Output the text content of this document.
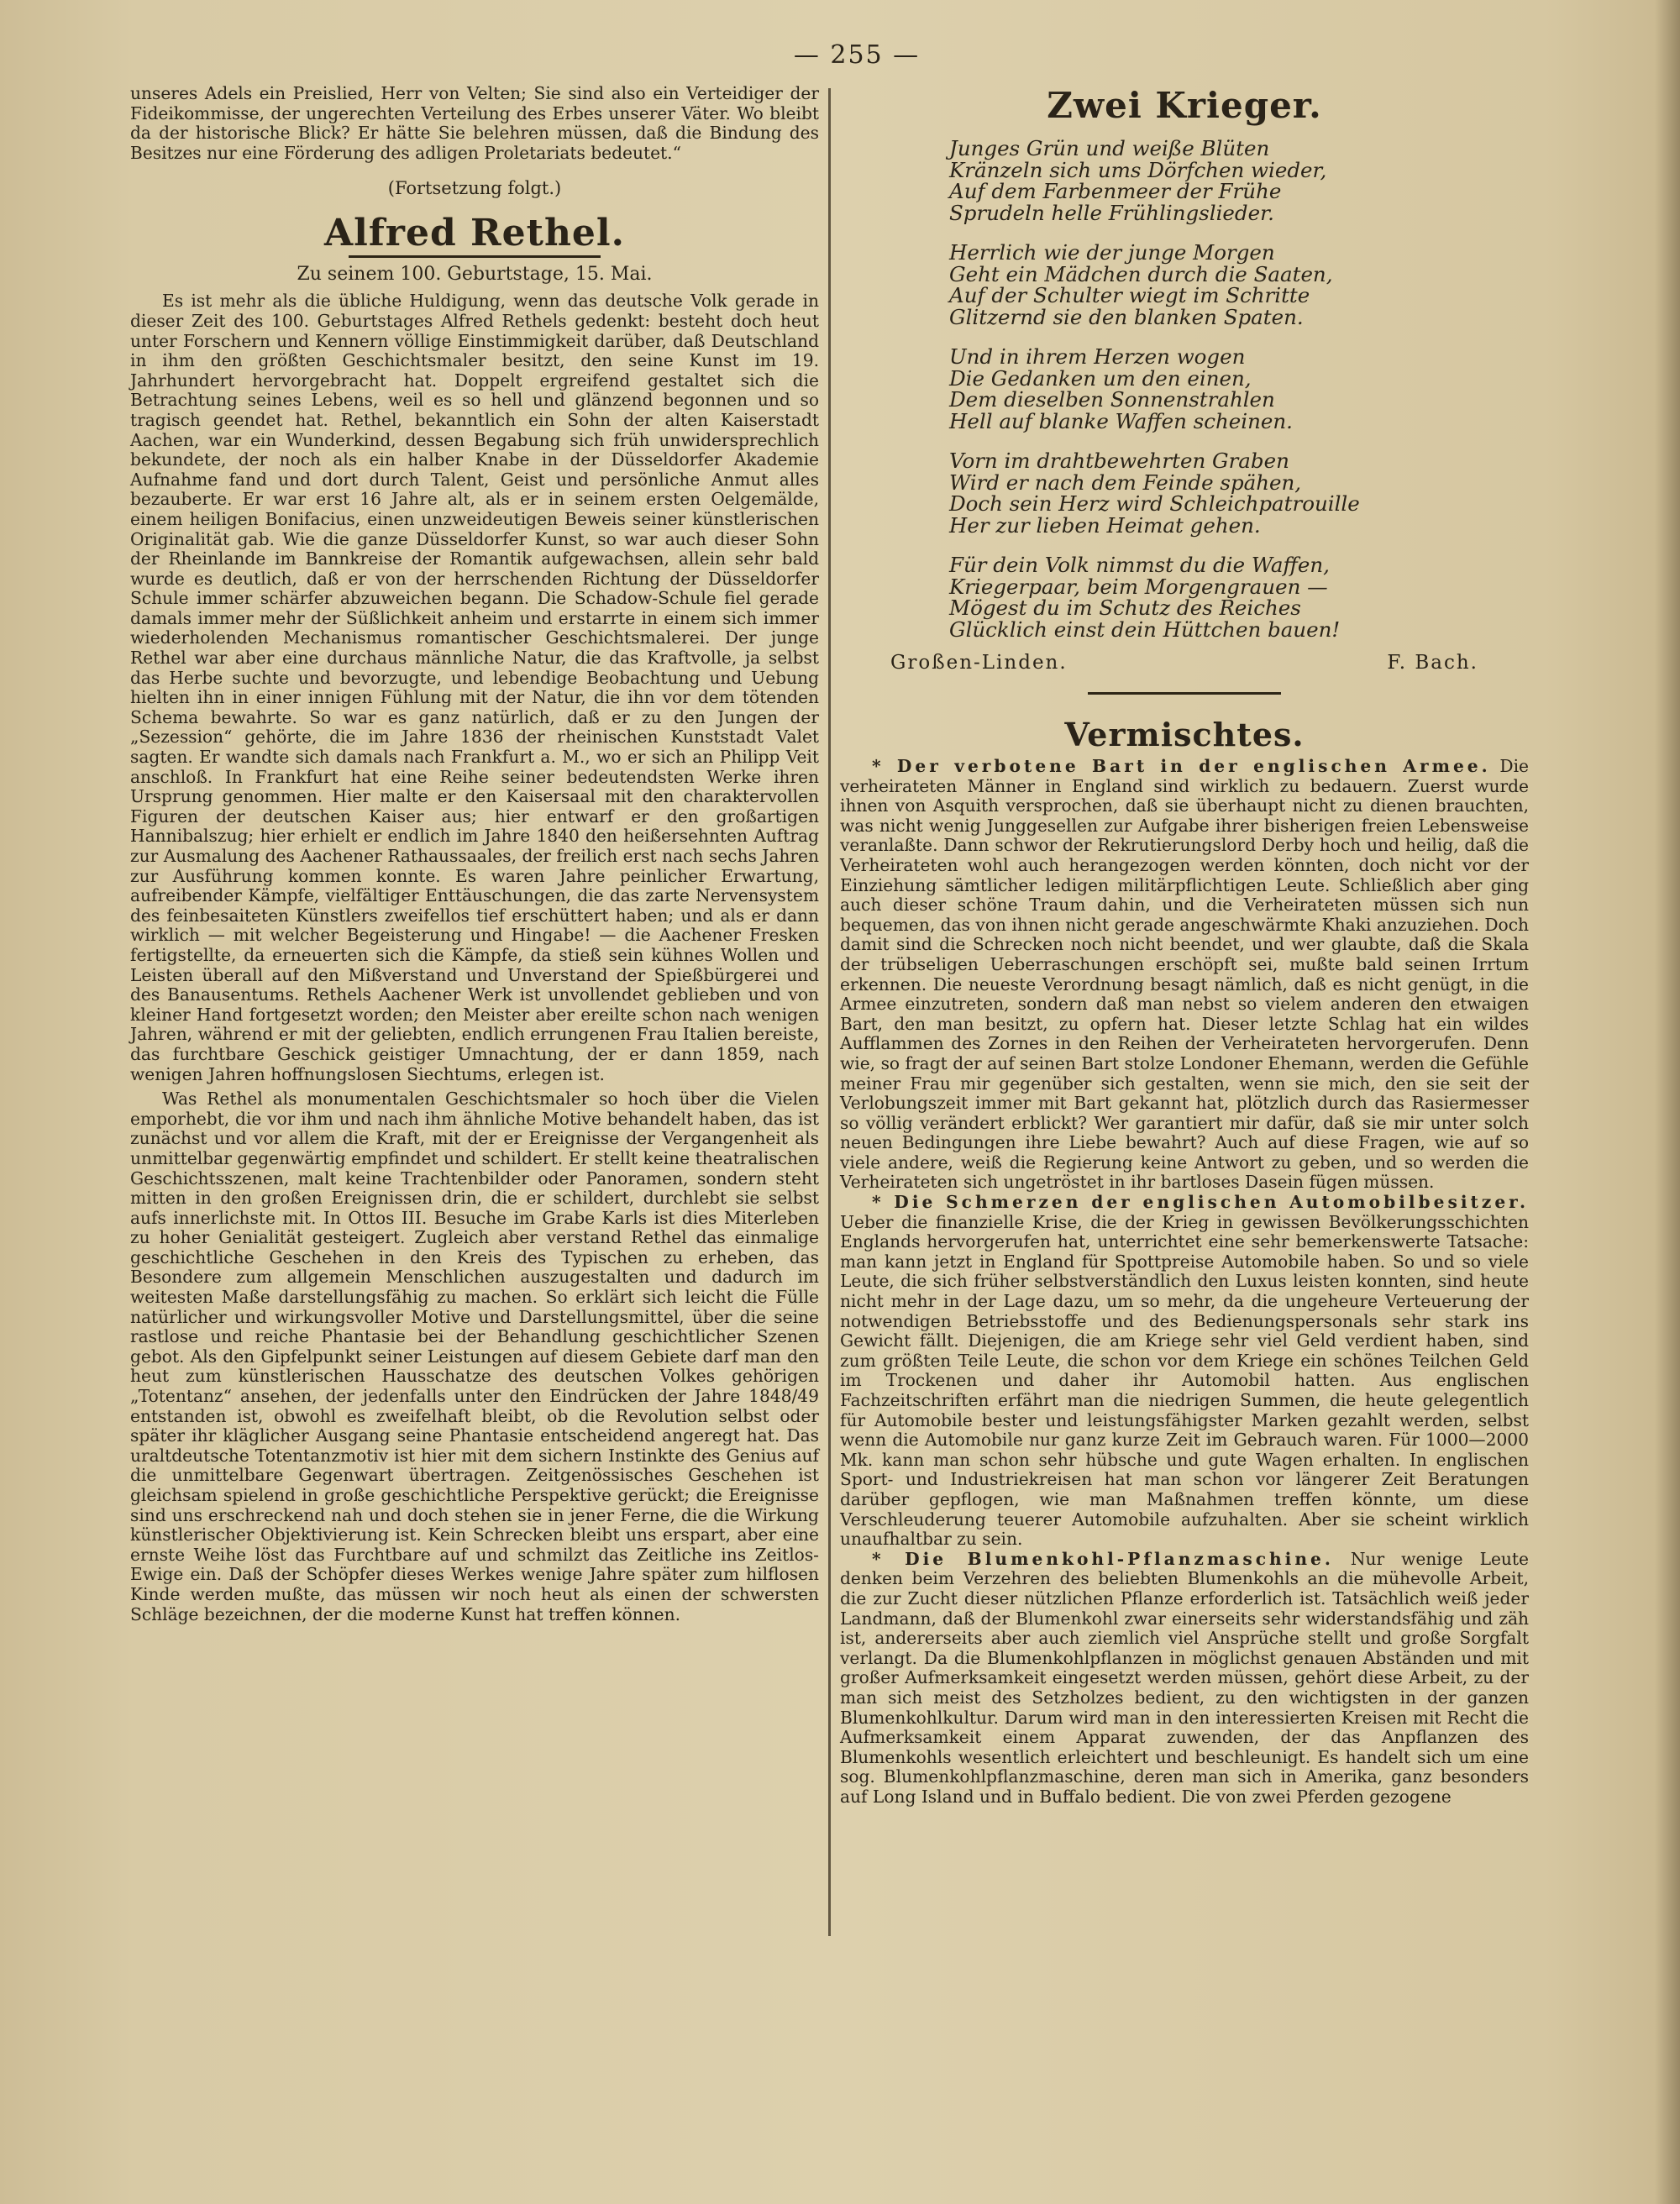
— 255 —

unseres Adels ein Preislied, Herr von Velten; Sie sind also ein Verteidiger der Fideikommisse, der ungerechten Verteilung des Erbes unserer Väter. Wo bleibt da der historische Blick? Er hätte Sie belehren müssen, daß die Bindung des Besitzes nur eine Förderung des adligen Proletariats bedeutet.“

(Fortsetzung folgt.)

Alfred Rethel.
Zu seinem 100. Geburtstage, 15. Mai.

Es ist mehr als die übliche Huldigung, wenn das deutsche Volk gerade in dieser Zeit des 100. Geburtstages Alfred Rethels gedenkt: besteht doch heut unter Forschern und Kennern völlige Einstimmigkeit darüber, daß Deutschland in ihm den größten Geschichtsmaler besitzt, den seine Kunst im 19. Jahrhundert hervorgebracht hat. Doppelt ergreifend gestaltet sich die Betrachtung seines Lebens, weil es so hell und glänzend begonnen und so tragisch geendet hat. Rethel, bekanntlich ein Sohn der alten Kaiserstadt Aachen, war ein Wunderkind, dessen Begabung sich früh unwidersprechlich bekundete, der noch als ein halber Knabe in der Düsseldorfer Akademie Aufnahme fand und dort durch Talent, Geist und persönliche Anmut alles bezauberte. Er war erst 16 Jahre alt, als er in seinem ersten Oelgemälde, einem heiligen Bonifacius, einen unzweideutigen Beweis seiner künstlerischen Originalität gab. Wie die ganze Düsseldorfer Kunst, so war auch dieser Sohn der Rheinlande im Bannkreise der Romantik aufgewachsen, allein sehr bald wurde es deutlich, daß er von der herrschenden Richtung der Düsseldorfer Schule immer schärfer abzuweichen begann. Die Schadow-Schule fiel gerade damals immer mehr der Süßlichkeit anheim und erstarrte in einem sich immer wiederholenden Mechanismus romantischer Geschichtsmalerei. Der junge Rethel war aber eine durchaus männliche Natur, die das Kraftvolle, ja selbst das Herbe suchte und bevorzugte, und lebendige Beobachtung und Uebung hielten ihn in einer innigen Fühlung mit der Natur, die ihn vor dem tötenden Schema bewahrte. So war es ganz natürlich, daß er zu den Jungen der „Sezession“ gehörte, die im Jahre 1836 der rheinischen Kunststadt Valet sagten. Er wandte sich damals nach Frankfurt a. M., wo er sich an Philipp Veit anschloß. In Frankfurt hat eine Reihe seiner bedeutendsten Werke ihren Ursprung genommen. Hier malte er den Kaisersaal mit den charaktervollen Figuren der deutschen Kaiser aus; hier entwarf er den großartigen Hannibalszug; hier erhielt er endlich im Jahre 1840 den heißersehnten Auftrag zur Ausmalung des Aachener Rathaussaales, der freilich erst nach sechs Jahren zur Ausführung kommen konnte. Es waren Jahre peinlicher Erwartung, aufreibender Kämpfe, vielfältiger Enttäuschungen, die das zarte Nervensystem des feinbesaiteten Künstlers zweifellos tief erschüttert haben; und als er dann wirklich — mit welcher Begeisterung und Hingabe! — die Aachener Fresken fertigstellte, da erneuerten sich die Kämpfe, da stieß sein kühnes Wollen und Leisten überall auf den Mißverstand und Unverstand der Spießbürgerei und des Banausentums. Rethels Aachener Werk ist unvollendet geblieben und von kleiner Hand fortgesetzt worden; den Meister aber ereilte schon nach wenigen Jahren, während er mit der geliebten, endlich errungenen Frau Italien bereiste, das furchtbare Geschick geistiger Umnachtung, der er dann 1859, nach wenigen Jahren hoffnungslosen Siechtums, erlegen ist.

Was Rethel als monumentalen Geschichtsmaler so hoch über die Vielen emporhebt, die vor ihm und nach ihm ähnliche Motive behandelt haben, das ist zunächst und vor allem die Kraft, mit der er Ereignisse der Vergangenheit als unmittelbar gegenwärtig empfindet und schildert. Er stellt keine theatralischen Geschichtsszenen, malt keine Trachtenbilder oder Panoramen, sondern steht mitten in den großen Ereignissen drin, die er schildert, durchlebt sie selbst aufs innerlichste mit. In Ottos III. Besuche im Grabe Karls ist dies Miterleben zu hoher Genialität gesteigert. Zugleich aber verstand Rethel das einmalige geschichtliche Geschehen in den Kreis des Typischen zu erheben, das Besondere zum allgemein Menschlichen auszugestalten und dadurch im weitesten Maße darstellungsfähig zu machen. So erklärt sich leicht die Fülle natürlicher und wirkungsvoller Motive und Darstellungsmittel, über die seine rastlose und reiche Phantasie bei der Behandlung geschichtlicher Szenen gebot. Als den Gipfelpunkt seiner Leistungen auf diesem Gebiete darf man den heut zum künstlerischen Hausschatze des deutschen Volkes gehörigen „Totentanz“ ansehen, der jedenfalls unter den Eindrücken der Jahre 1848/49 entstanden ist, obwohl es zweifelhaft bleibt, ob die Revolution selbst oder später ihr kläglicher Ausgang seine Phantasie entscheidend angeregt hat. Das uraltdeutsche Totentanzmotiv ist hier mit dem sichern Instinkte des Genius auf die unmittelbare Gegenwart übertragen. Zeitgenössisches Geschehen ist gleichsam spielend in große geschichtliche Perspektive gerückt; die Ereignisse sind uns erschreckend nah und doch stehen sie in jener Ferne, die die Wirkung künstlerischer Objektivierung ist. Kein Schrecken bleibt uns erspart, aber eine ernste Weihe löst das Furchtbare auf und schmilzt das Zeitliche ins Zeitlos-Ewige ein. Daß der Schöpfer dieses Werkes wenige Jahre später zum hilflosen Kinde werden mußte, das müssen wir noch heut als einen der schwersten Schläge bezeichnen, der die moderne Kunst hat treffen können.

Zwei Krieger.
Junges Grün und weiße Blüten
Kränzeln sich ums Dörfchen wieder,
Auf dem Farbenmeer der Frühe
Sprudeln helle Frühlingslieder.
Herrlich wie der junge Morgen
Geht ein Mädchen durch die Saaten,
Auf der Schulter wiegt im Schritte
Glitzernd sie den blanken Spaten.
Und in ihrem Herzen wogen
Die Gedanken um den einen,
Dem dieselben Sonnenstrahlen
Hell auf blanke Waffen scheinen.
Vorn im drahtbewehrten Graben
Wird er nach dem Feinde spähen,
Doch sein Herz wird Schleichpatrouille
Her zur lieben Heimat gehen.
Für dein Volk nimmst du die Waffen,
Kriegerpaar, beim Morgengrauen —
Mögest du im Schutz des Reiches
Glücklich einst dein Hüttchen bauen!
Großen-Linden.	F. Bach.
Vermischtes.

* Der verbotene Bart in der englischen Armee. Die verheirateten Männer in England sind wirklich zu bedauern. Zuerst wurde ihnen von Asquith versprochen, daß sie überhaupt nicht zu dienen brauchten, was nicht wenig Junggesellen zur Aufgabe ihrer bisherigen freien Lebensweise veranlaßte. Dann schwor der Rekrutierungslord Derby hoch und heilig, daß die Verheirateten wohl auch herangezogen werden könnten, doch nicht vor der Einziehung sämtlicher ledigen militärpflichtigen Leute. Schließlich aber ging auch dieser schöne Traum dahin, und die Verheirateten müssen sich nun bequemen, das von ihnen nicht gerade angeschwärmte Khaki anzuziehen. Doch damit sind die Schrecken noch nicht beendet, und wer glaubte, daß die Skala der trübseligen Ueberraschungen erschöpft sei, mußte bald seinen Irrtum erkennen. Die neueste Verordnung besagt nämlich, daß es nicht genügt, in die Armee einzutreten, sondern daß man nebst so vielem anderen den etwaigen Bart, den man besitzt, zu opfern hat. Dieser letzte Schlag hat ein wildes Aufflammen des Zornes in den Reihen der Verheirateten hervorgerufen. Denn wie, so fragt der auf seinen Bart stolze Londoner Ehemann, werden die Gefühle meiner Frau mir gegenüber sich gestalten, wenn sie mich, den sie seit der Verlobungszeit immer mit Bart gekannt hat, plötzlich durch das Rasiermesser so völlig verändert erblickt? Wer garantiert mir dafür, daß sie mir unter solch neuen Bedingungen ihre Liebe bewahrt? Auch auf diese Fragen, wie auf so viele andere, weiß die Regierung keine Antwort zu geben, und so werden die Verheirateten sich ungetröstet in ihr bartloses Dasein fügen müssen.

* Die Schmerzen der englischen Automobilbesitzer. Ueber die finanzielle Krise, die der Krieg in gewissen Bevölkerungsschichten Englands hervorgerufen hat, unterrichtet eine sehr bemerkenswerte Tatsache: man kann jetzt in England für Spottpreise Automobile haben. So und so viele Leute, die sich früher selbstverständlich den Luxus leisten konnten, sind heute nicht mehr in der Lage dazu, um so mehr, da die ungeheure Verteuerung der notwendigen Betriebsstoffe und des Bedienungspersonals sehr stark ins Gewicht fällt. Diejenigen, die am Kriege sehr viel Geld verdient haben, sind zum größten Teile Leute, die schon vor dem Kriege ein schönes Teilchen Geld im Trockenen und daher ihr Automobil hatten. Aus englischen Fachzeitschriften erfährt man die niedrigen Summen, die heute gelegentlich für Automobile bester und leistungsfähigster Marken gezahlt werden, selbst wenn die Automobile nur ganz kurze Zeit im Gebrauch waren. Für 1000—2000 Mk. kann man schon sehr hübsche und gute Wagen erhalten. In englischen Sport- und Industriekreisen hat man schon vor längerer Zeit Beratungen darüber gepflogen, wie man Maßnahmen treffen könnte, um diese Verschleuderung teuerer Automobile aufzuhalten. Aber sie scheint wirklich unaufhaltbar zu sein.

* Die Blumenkohl-Pflanzmaschine. Nur wenige Leute denken beim Verzehren des beliebten Blumenkohls an die mühevolle Arbeit, die zur Zucht dieser nützlichen Pflanze erforderlich ist. Tatsächlich weiß jeder Landmann, daß der Blumenkohl zwar einerseits sehr widerstandsfähig und zäh ist, andererseits aber auch ziemlich viel Ansprüche stellt und große Sorgfalt verlangt. Da die Blumenkohlpflanzen in möglichst genauen Abständen und mit großer Aufmerksamkeit eingesetzt werden müssen, gehört diese Arbeit, zu der man sich meist des Setzholzes bedient, zu den wichtigsten in der ganzen Blumenkohlkultur. Darum wird man in den interessierten Kreisen mit Recht die Aufmerksamkeit einem Apparat zuwenden, der das Anpflanzen des Blumenkohls wesentlich erleichtert und beschleunigt. Es handelt sich um eine sog. Blumenkohlpflanzmaschine, deren man sich in Amerika, ganz besonders auf Long Island und in Buffalo bedient. Die von zwei Pferden gezogene
